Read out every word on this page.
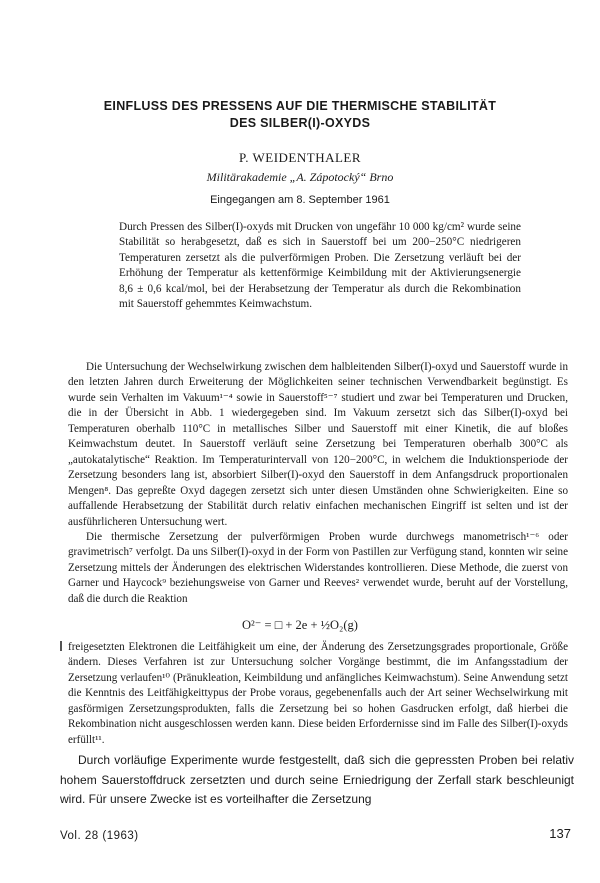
EINFLUSS DES PRESSENS AUF DIE THERMISCHE STABILITÄT
DES SILBER(I)-OXYDS
P. WEIDENTHALER
Militärakademie „A. Zápotocký“ Brno
Eingegangen am 8. September 1961

Durch Pressen des Silber(I)-oxyds mit Drucken von ungefähr 10 000 kg/cm² wurde seine Stabilität so herabgesetzt, daß es sich in Sauerstoff bei um 200−250°C niedrigeren Temperaturen zersetzt als die pulverförmigen Proben. Die Zersetzung verläuft bei der Erhöhung der Temperatur als kettenförmige Keimbildung mit der Aktivierungsenergie 8,6 ± 0,6 kcal/mol, bei der Herabsetzung der Temperatur als durch die Rekombination mit Sauerstoff gehemmtes Keimwachstum.

Die Untersuchung der Wechselwirkung zwischen dem halbleitenden Silber(I)-oxyd und Sauerstoff wurde in den letzten Jahren durch Erweiterung der Möglichkeiten seiner technischen Verwendbarkeit begünstigt. Es wurde sein Verhalten im Vakuum¹⁻⁴ sowie in Sauerstoff⁵⁻⁷ studiert und zwar bei Temperaturen und Drucken, die in der Übersicht in Abb. 1 wiedergegeben sind. Im Vakuum zersetzt sich das Silber(I)-oxyd bei Temperaturen oberhalb 110°C in metallisches Silber und Sauerstoff mit einer Kinetik, die auf bloßes Keimwachstum deutet. In Sauerstoff verläuft seine Zersetzung bei Temperaturen oberhalb 300°C als „autokatalytische“ Reaktion. Im Temperaturintervall von 120−200°C, in welchem die Induktionsperiode der Zersetzung besonders lang ist, absorbiert Silber(I)-oxyd den Sauerstoff in dem Anfangsdruck proportionalen Mengen⁸. Das gepreßte Oxyd dagegen zersetzt sich unter diesen Umständen ohne Schwierigkeiten. Eine so auffallende Herabsetzung der Stabilität durch relativ einfachen mechanischen Eingriff ist selten und ist der ausführlicheren Untersuchung wert.

Die thermische Zersetzung der pulverförmigen Proben wurde durchwegs manometrisch¹⁻⁶ oder gravimetrisch⁷ verfolgt. Da uns Silber(I)-oxyd in der Form von Pastillen zur Verfügung stand, konnten wir seine Zersetzung mittels der Änderungen des elektrischen Widerstandes kontrollieren. Diese Methode, die zuerst von Garner und Haycock⁹ beziehungsweise von Garner und Reeves² verwendet wurde, beruht auf der Vorstellung, daß die durch die Reaktion

O²⁻ = □ + 2e + ½O₂(g)

freigesetzten Elektronen die Leitfähigkeit um eine, der Änderung des Zersetzungsgrades proportionale, Größe ändern. Dieses Verfahren ist zur Untersuchung solcher Vorgänge bestimmt, die im Anfangsstadium der Zersetzung verlaufen¹⁰ (Pränukleation, Keimbildung und anfängliches Keimwachstum). Seine Anwendung setzt die Kenntnis des Leitfähigkeittypus der Probe voraus, gegebenenfalls auch der Art seiner Wechselwirkung mit gasförmigen Zersetzungsprodukten, falls die Zersetzung bei so hohen Gasdrucken erfolgt, daß hierbei die Rekombination nicht ausgeschlossen werden kann. Diese beiden Erfordernisse sind im Falle des Silber(I)-oxyds erfüllt¹¹.

Durch vorläufige Experimente wurde festgestellt, daß sich die gepressten Proben bei relativ hohem Sauerstoffdruck zersetzten und durch seine Erniedrigung der Zerfall stark beschleunigt wird. Für unsere Zwecke ist es vorteilhafter die Zersetzung

Vol. 28 (1963)	137
